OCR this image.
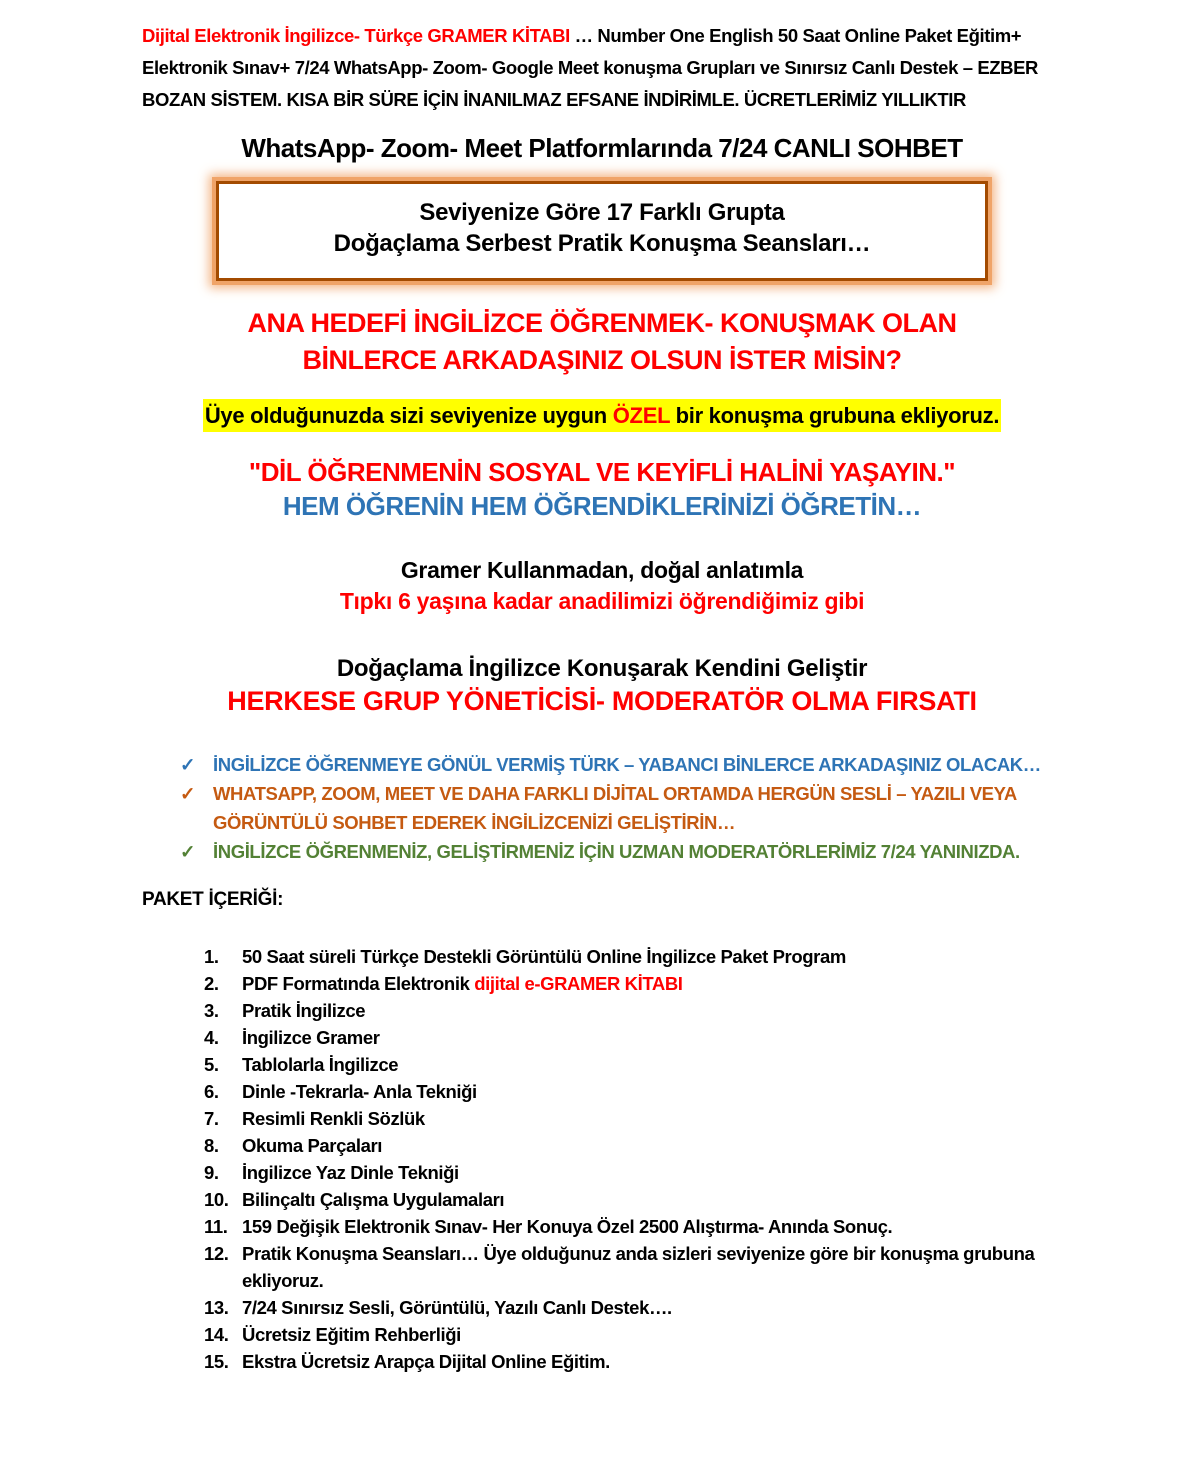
Dijital Elektronik İngilizce- Türkçe GRAMER KİTABI … Number One English 50 Saat Online Paket Eğitim+ Elektronik Sınav+ 7/24 WhatsApp- Zoom- Google Meet konuşma Grupları ve Sınırsız Canlı Destek – EZBER BOZAN SİSTEM. KISA BİR SÜRE İÇİN İNANILMAZ EFSANE İNDİRİMLE. ÜCRETLERİMİZ YILLIKTIR

WhatsApp- Zoom- Meet Platformlarında 7/24 CANLI SOHBET
Seviyenize Göre 17 Farklı Grupta
Doğaçlama Serbest Pratik Konuşma Seansları…
ANA HEDEFİ İNGİLİZCE ÖĞRENMEK- KONUŞMAK OLAN
BİNLERCE ARKADAŞINIZ OLSUN İSTER MİSİN?
Üye olduğunuzda sizi seviyenize uygun ÖZEL bir konuşma grubuna ekliyoruz.
"DİL ÖĞRENMENİN SOSYAL VE KEYİFLİ HALİNİ YAŞAYIN."
HEM ÖĞRENİN HEM ÖĞRENDİKLERİNİZİ ÖĞRETİN…
Gramer Kullanmadan, doğal anlatımla
Tıpkı 6 yaşına kadar anadilimizi öğrendiğimiz gibi
Doğaçlama İngilizce Konuşarak Kendini Geliştir
HERKESE GRUP YÖNETİCİSİ- MODERATÖR OLMA FIRSATI
✓ İNGİLİZCE ÖĞRENMEYE GÖNÜL VERMİŞ TÜRK – YABANCI BİNLERCE ARKADAŞINIZ OLACAK…
✓ WHATSAPP, ZOOM, MEET VE DAHA FARKLI DİJİTAL ORTAMDA HERGÜN SESLİ – YAZILI VEYA GÖRÜNTÜLÜ SOHBET EDEREK İNGİLİZCENİZİ GELİŞTİRİN…
✓ İNGİLİZCE ÖĞRENMENİZ, GELİŞTİRMENİZ İÇİN UZMAN MODERATÖRLERİMİZ 7/24 YANINIZDA.
PAKET İÇERİĞİ:
1.	50 Saat süreli Türkçe Destekli Görüntülü Online İngilizce Paket Program
2.	PDF Formatında Elektronik dijital e-GRAMER KİTABI
3.	Pratik İngilizce
4.	İngilizce Gramer
5.	Tablolarla İngilizce
6.	Dinle -Tekrarla- Anla Tekniği
7.	Resimli Renkli Sözlük
8.	Okuma Parçaları
9.	İngilizce Yaz Dinle Tekniği
10. Bilinçaltı Çalışma Uygulamaları
11. 159 Değişik Elektronik Sınav- Her Konuya Özel 2500 Alıştırma- Anında Sonuç.
12. Pratik Konuşma Seansları… Üye olduğunuz anda sizleri seviyenize göre bir konuşma grubuna ekliyoruz.
13. 7/24 Sınırsız Sesli, Görüntülü, Yazılı Canlı Destek….
14. Ücretsiz Eğitim Rehberliği
15. Ekstra Ücretsiz Arapça Dijital Online Eğitim.
